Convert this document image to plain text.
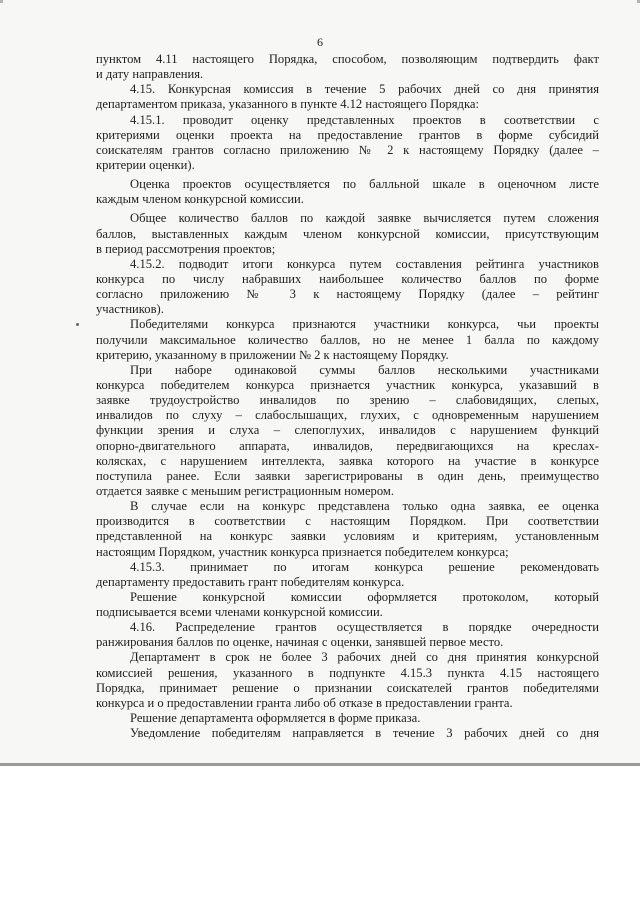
6
пунктом 4.11 настоящего Порядка, способом, позволяющим подтвердить факт
и дату направления.
4.15. Конкурсная комиссия в течение 5 рабочих дней со дня принятия
департаментом приказа, указанного в пункте 4.12 настоящего Порядка:
4.15.1. проводит оценку представленных проектов в соответствии с
критериями оценки проекта на предоставление грантов в форме субсидий
соискателям грантов согласно приложению № 2 к настоящему Порядку (далее –
критерии оценки).
Оценка проектов осуществляется по балльной шкале в оценочном листе
каждым членом конкурсной комиссии.
Общее количество баллов по каждой заявке вычисляется путем сложения
баллов, выставленных каждым членом конкурсной комиссии, присутствующим
в период рассмотрения проектов;
4.15.2. подводит итоги конкурса путем составления рейтинга участников
конкурса по числу набравших наибольшее количество баллов по форме
согласно приложению № 3 к настоящему Порядку (далее – рейтинг
участников).
Победителями конкурса признаются участники конкурса, чьи проекты
получили максимальное количество баллов, но не менее 1 балла по каждому
критерию, указанному в приложении № 2 к настоящему Порядку.
При наборе одинаковой суммы баллов несколькими участниками
конкурса победителем конкурса признается участник конкурса, указавший в
заявке трудоустройство инвалидов по зрению – слабовидящих, слепых,
инвалидов по слуху – слабослышащих, глухих, с одновременным нарушением
функции зрения и слуха – слепоглухих, инвалидов с нарушением функций
опорно-двигательного аппарата, инвалидов, передвигающихся на креслах-
колясках, с нарушением интеллекта, заявка которого на участие в конкурсе
поступила ранее. Если заявки зарегистрированы в один день, преимущество
отдается заявке с меньшим регистрационным номером.
В случае если на конкурс представлена только одна заявка, ее оценка
производится в соответствии с настоящим Порядком. При соответствии
представленной на конкурс заявки условиям и критериям, установленным
настоящим Порядком, участник конкурса признается победителем конкурса;
4.15.3. принимает по итогам конкурса решение рекомендовать
департаменту предоставить грант победителям конкурса.
Решение конкурсной комиссии оформляется протоколом, который
подписывается всеми членами конкурсной комиссии.
4.16. Распределение грантов осуществляется в порядке очередности
ранжирования баллов по оценке, начиная с оценки, занявшей первое место.
Департамент в срок не более 3 рабочих дней со дня принятия конкурсной
комиссией решения, указанного в подпункте 4.15.3 пункта 4.15 настоящего
Порядка, принимает решение о признании соискателей грантов победителями
конкурса и о предоставлении гранта либо об отказе в предоставлении гранта.
Решение департамента оформляется в форме приказа.
Уведомление победителям направляется в течение 3 рабочих дней со дня
